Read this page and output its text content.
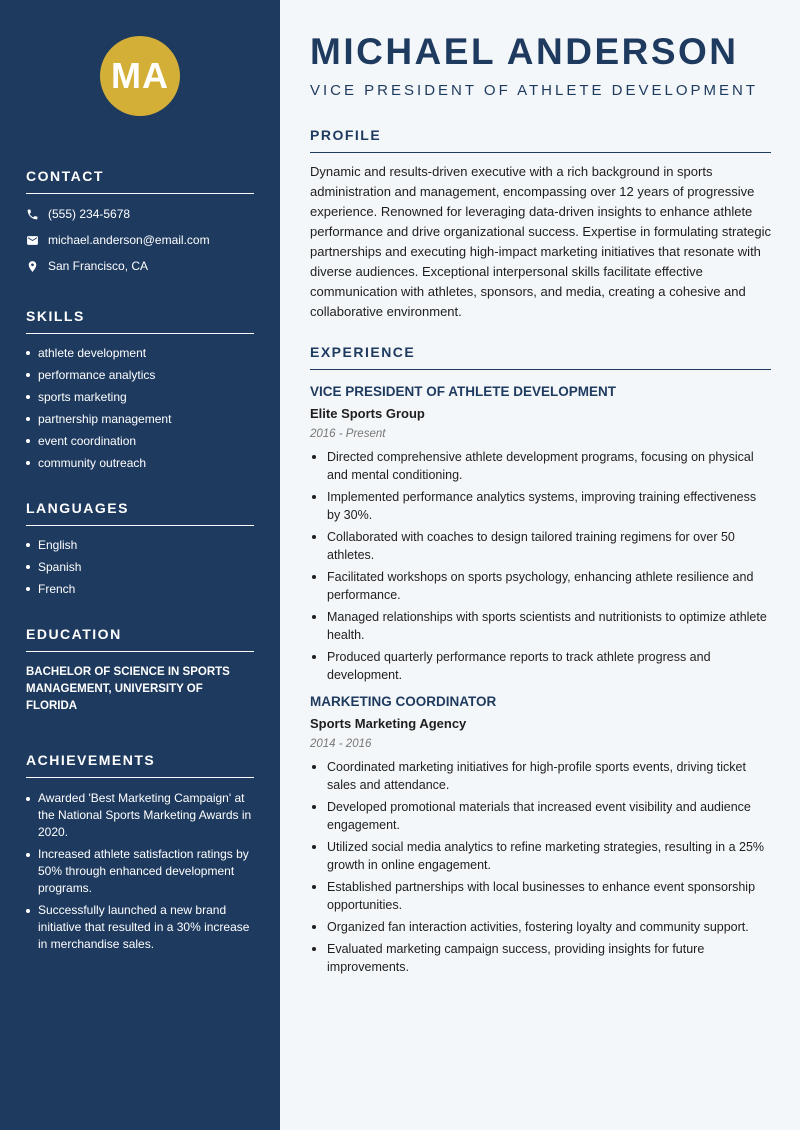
MA
CONTACT
(555) 234-5678
michael.anderson@email.com
San Francisco, CA
SKILLS
athlete development
performance analytics
sports marketing
partnership management
event coordination
community outreach
LANGUAGES
English
Spanish
French
EDUCATION
BACHELOR OF SCIENCE IN SPORTS MANAGEMENT, UNIVERSITY OF FLORIDA
ACHIEVEMENTS
Awarded 'Best Marketing Campaign' at the National Sports Marketing Awards in 2020.
Increased athlete satisfaction ratings by 50% through enhanced development programs.
Successfully launched a new brand initiative that resulted in a 30% increase in merchandise sales.
MICHAEL ANDERSON
VICE PRESIDENT OF ATHLETE DEVELOPMENT
PROFILE

Dynamic and results-driven executive with a rich background in sports administration and management, encompassing over 12 years of progressive experience. Renowned for leveraging data-driven insights to enhance athlete performance and drive organizational success. Expertise in formulating strategic partnerships and executing high-impact marketing initiatives that resonate with diverse audiences. Exceptional interpersonal skills facilitate effective communication with athletes, sponsors, and media, creating a cohesive and collaborative environment.

EXPERIENCE
VICE PRESIDENT OF ATHLETE DEVELOPMENT
Elite Sports Group
2016 - Present
Directed comprehensive athlete development programs, focusing on physical and mental conditioning.
Implemented performance analytics systems, improving training effectiveness by 30%.
Collaborated with coaches to design tailored training regimens for over 50 athletes.
Facilitated workshops on sports psychology, enhancing athlete resilience and performance.
Managed relationships with sports scientists and nutritionists to optimize athlete health.
Produced quarterly performance reports to track athlete progress and development.
MARKETING COORDINATOR
Sports Marketing Agency
2014 - 2016
Coordinated marketing initiatives for high-profile sports events, driving ticket sales and attendance.
Developed promotional materials that increased event visibility and audience engagement.
Utilized social media analytics to refine marketing strategies, resulting in a 25% growth in online engagement.
Established partnerships with local businesses to enhance event sponsorship opportunities.
Organized fan interaction activities, fostering loyalty and community support.
Evaluated marketing campaign success, providing insights for future improvements.
